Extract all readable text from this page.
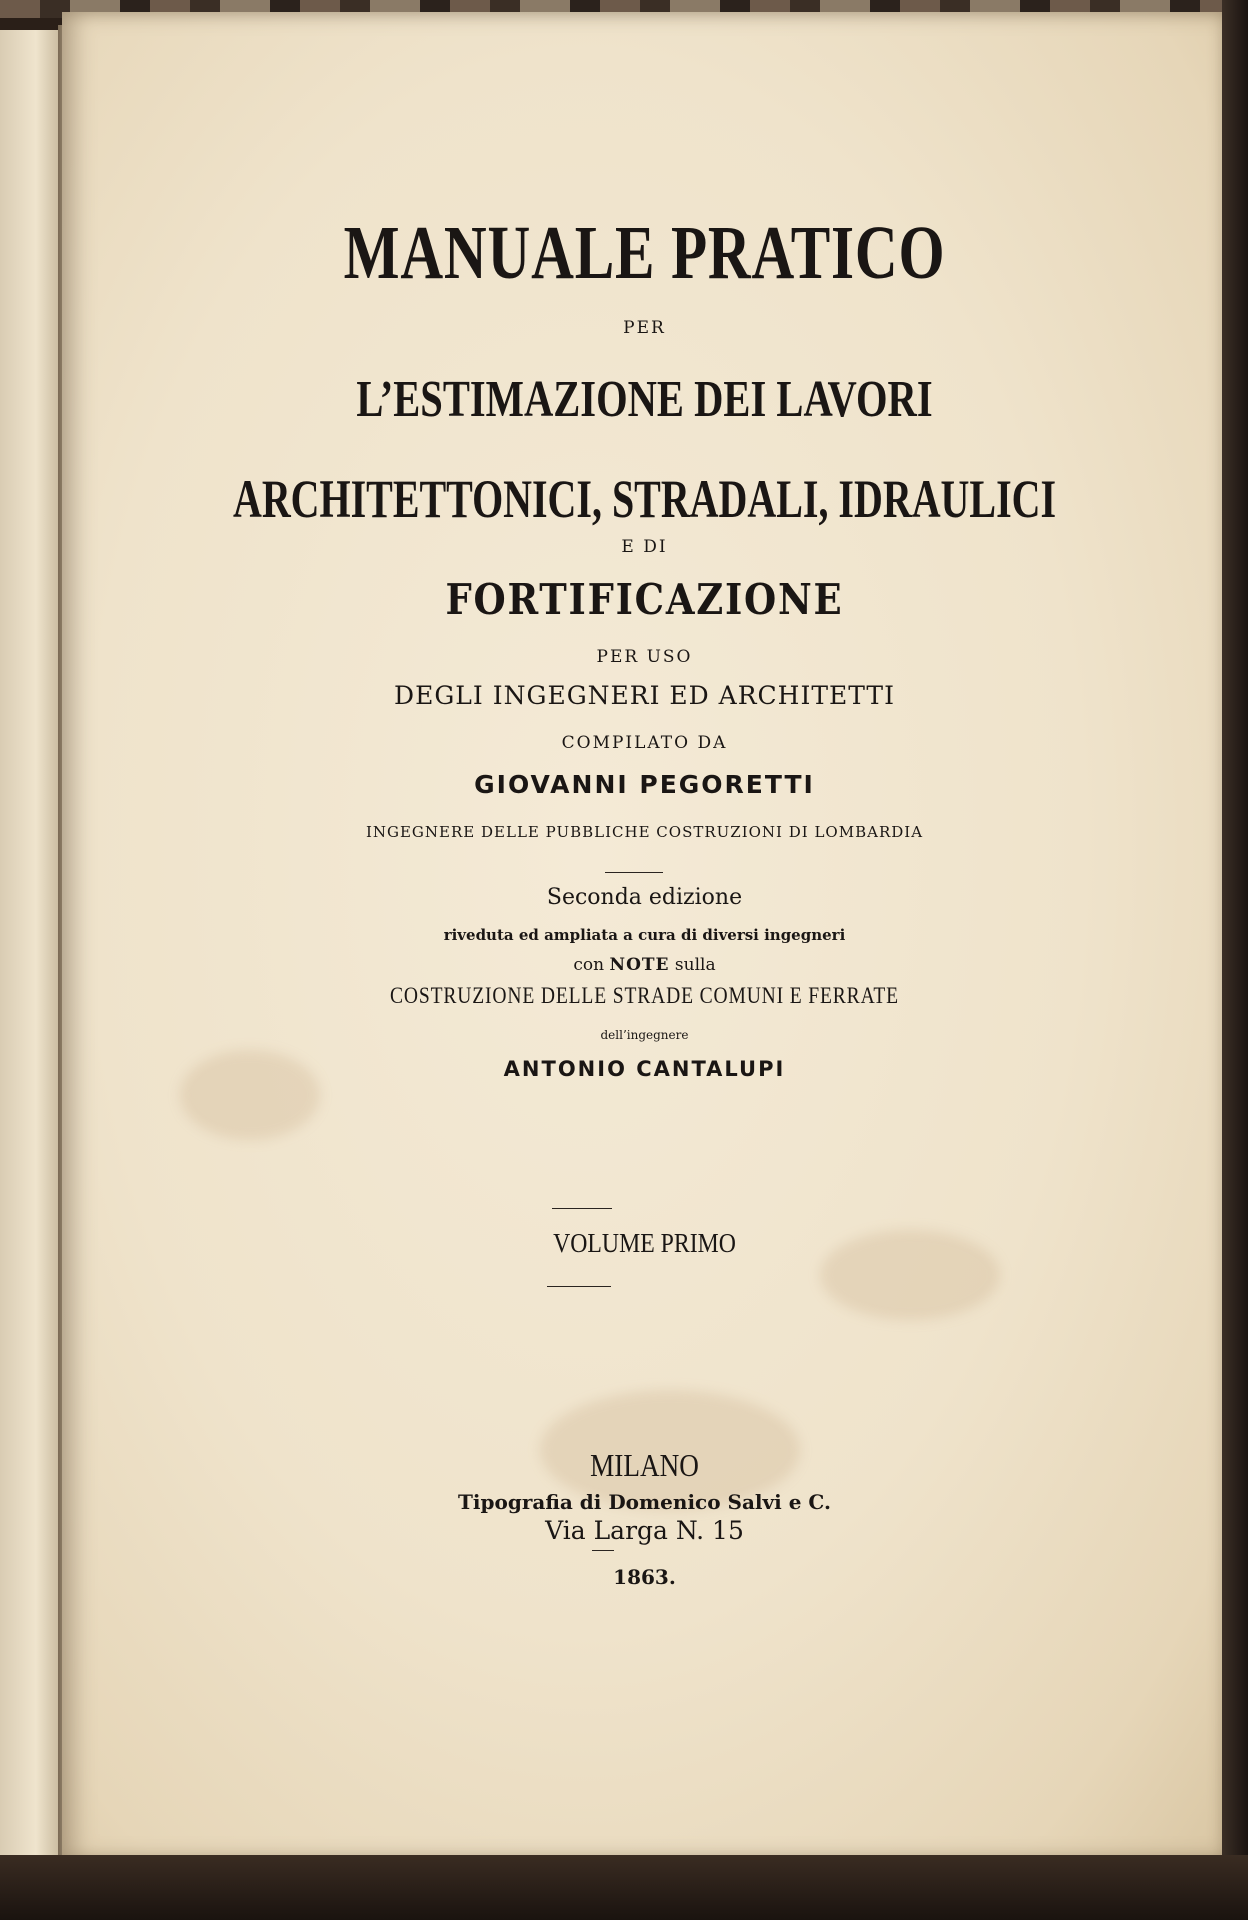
MANUALE PRATICO
PER
L’ESTIMAZIONE DEI LAVORI
ARCHITETTONICI, STRADALI, IDRAULICI
E DI
FORTIFICAZIONE
PER USO
DEGLI INGEGNERI ED ARCHITETTI
COMPILATO DA
GIOVANNI PEGORETTI
INGEGNERE DELLE PUBBLICHE COSTRUZIONI DI LOMBARDIA
Seconda edizione
riveduta ed ampliata a cura di diversi ingegneri
con NOTE sulla
COSTRUZIONE DELLE STRADE COMUNI E FERRATE
dell’ingegnere
ANTONIO CANTALUPI
VOLUME PRIMO
MILANO
Tipografia di Domenico Salvi e C.
Via Larga N. 15
1863.
